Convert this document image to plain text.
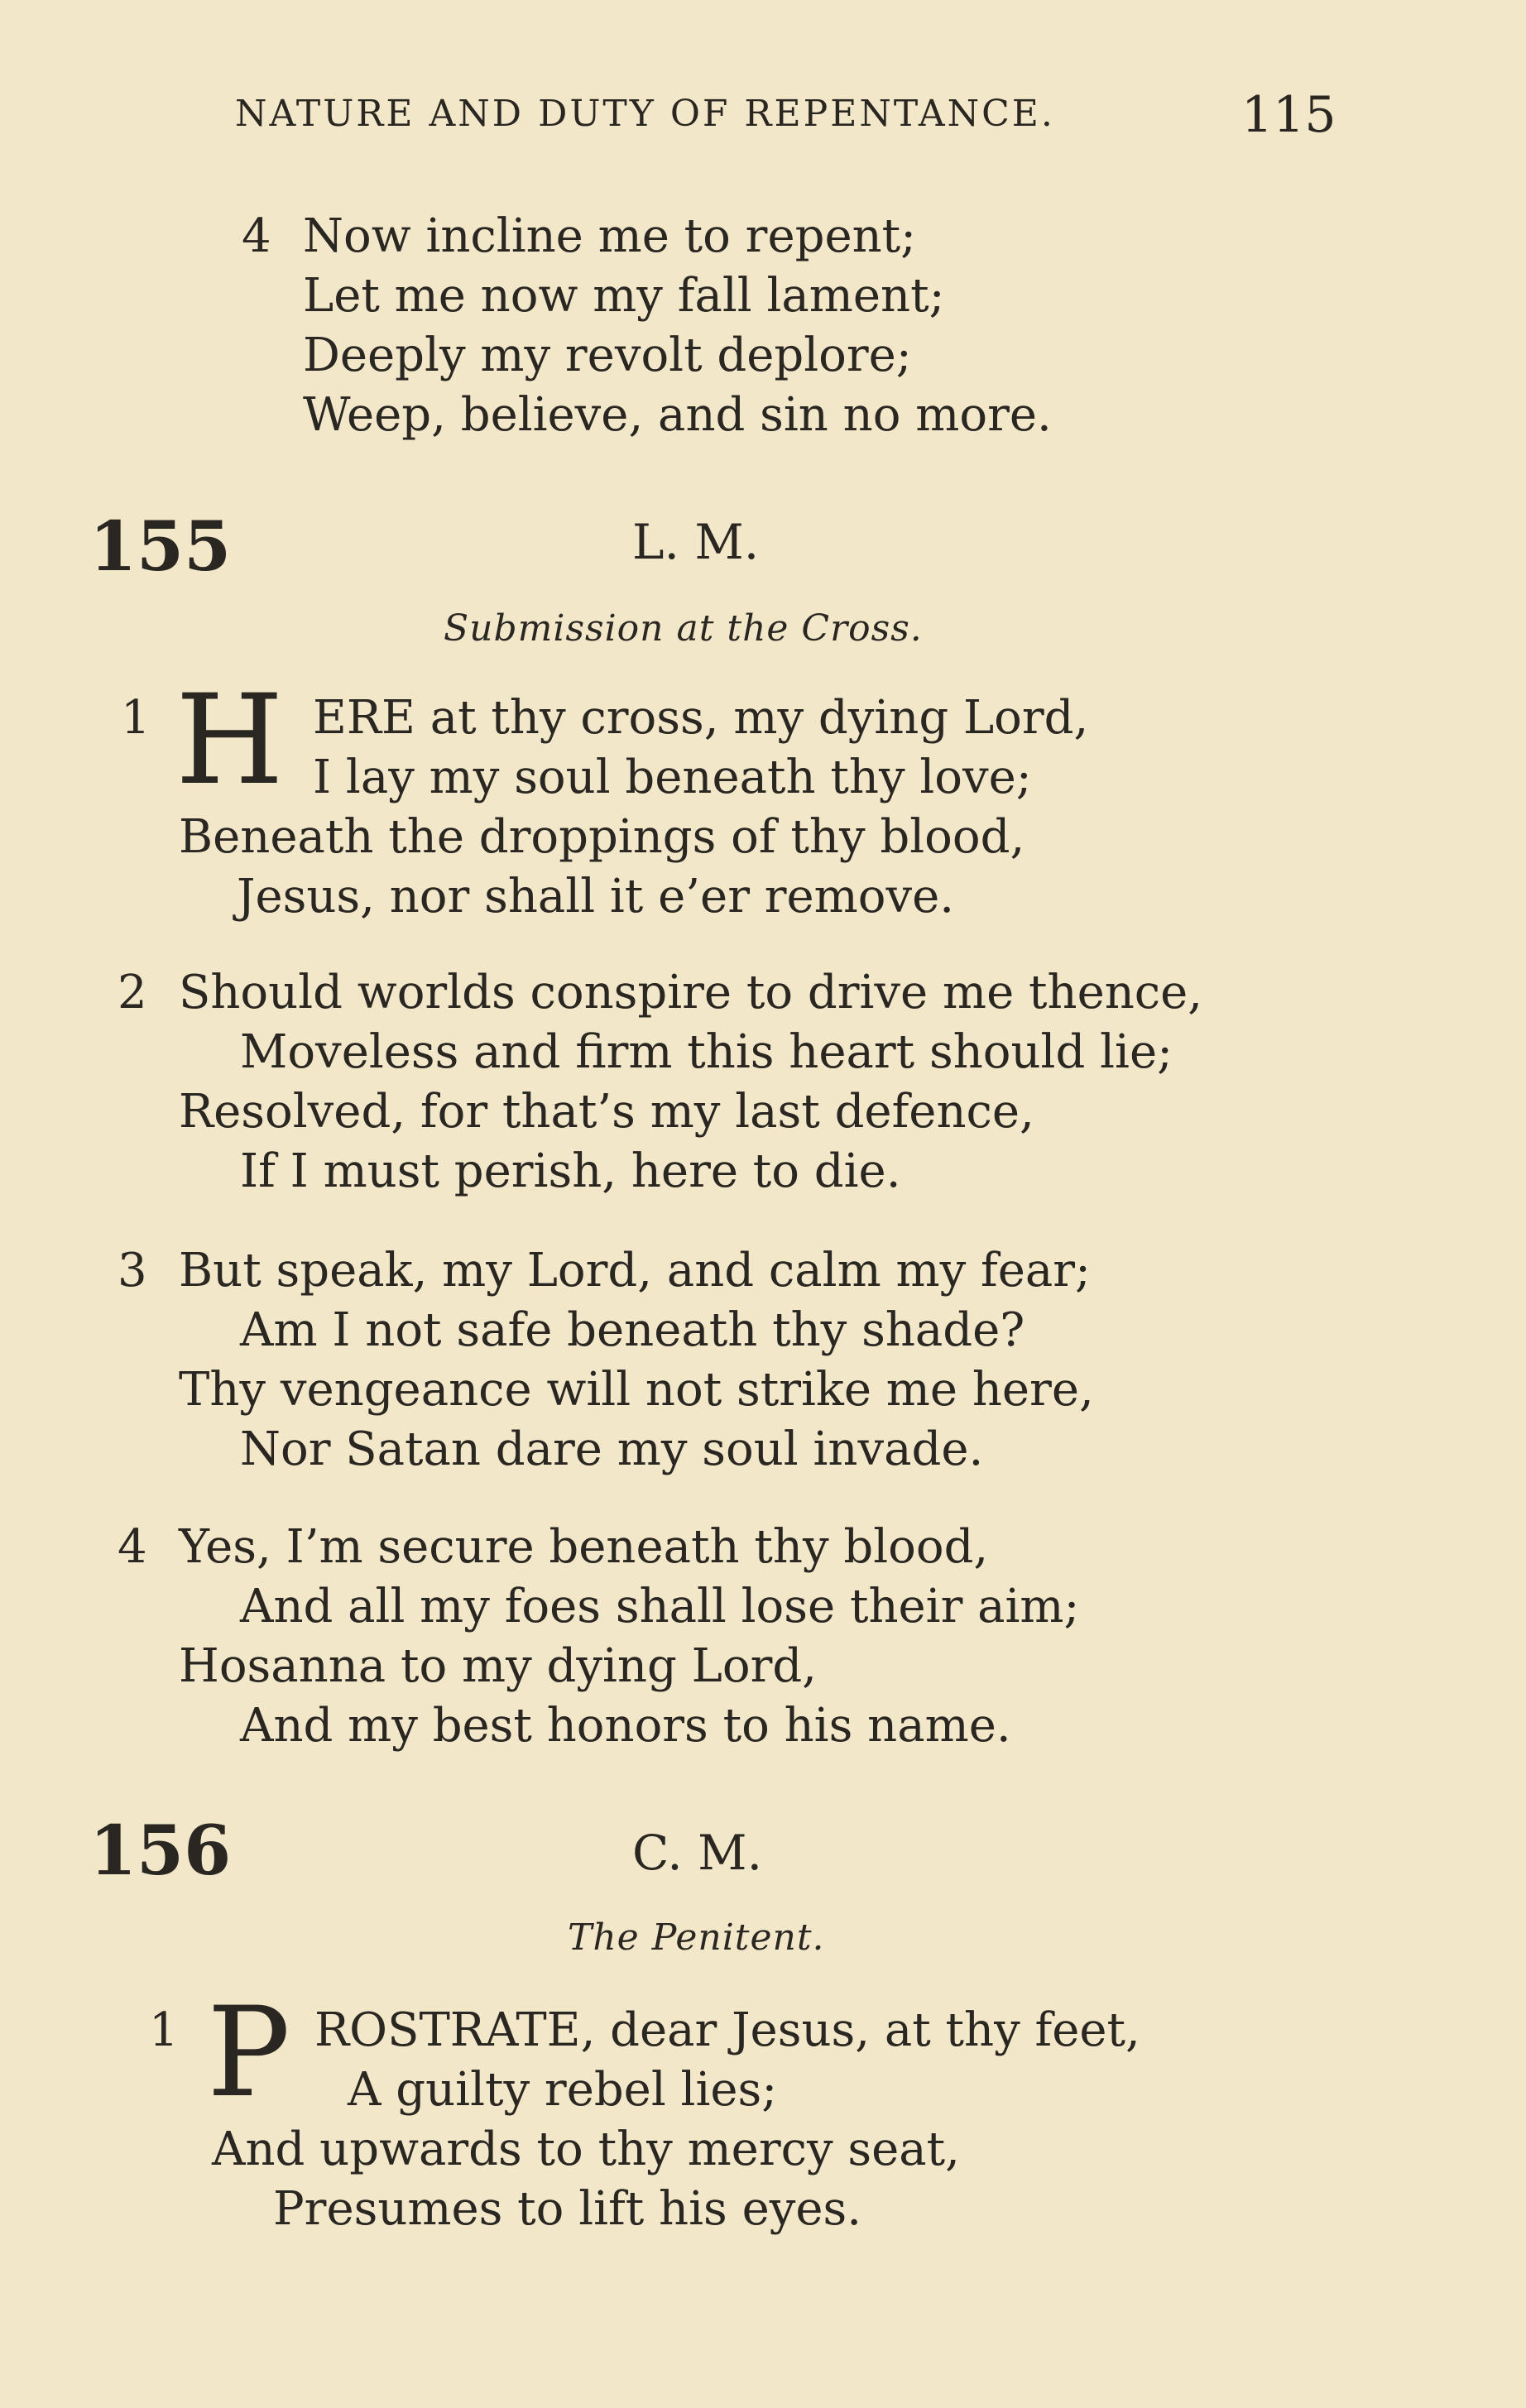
NATURE AND DUTY OF REPENTANCE.	115
4 Now incline me to repent;
Let me now my fall lament;
Deeply my revolt deplore;
Weep, believe, and sin no more.
155	L. M.
Submission at the Cross.
1 H ERE at thy cross, my dying Lord,
I lay my soul beneath thy love;
Beneath the droppings of thy blood,
Jesus, nor shall it e’er remove.
2 Should worlds conspire to drive me thence,
Moveless and firm this heart should lie;
Resolved, for that’s my last defence,
If I must perish, here to die.
3 But speak, my Lord, and calm my fear;
Am I not safe beneath thy shade?
Thy vengeance will not strike me here,
Nor Satan dare my soul invade.
4 Yes, I’m secure beneath thy blood,
And all my foes shall lose their aim;
Hosanna to my dying Lord,
And my best honors to his name.
156	C. M.
The Penitent.
1 P ROSTRATE, dear Jesus, at thy feet,
A guilty rebel lies;
And upwards to thy mercy seat,
Presumes to lift his eyes.
